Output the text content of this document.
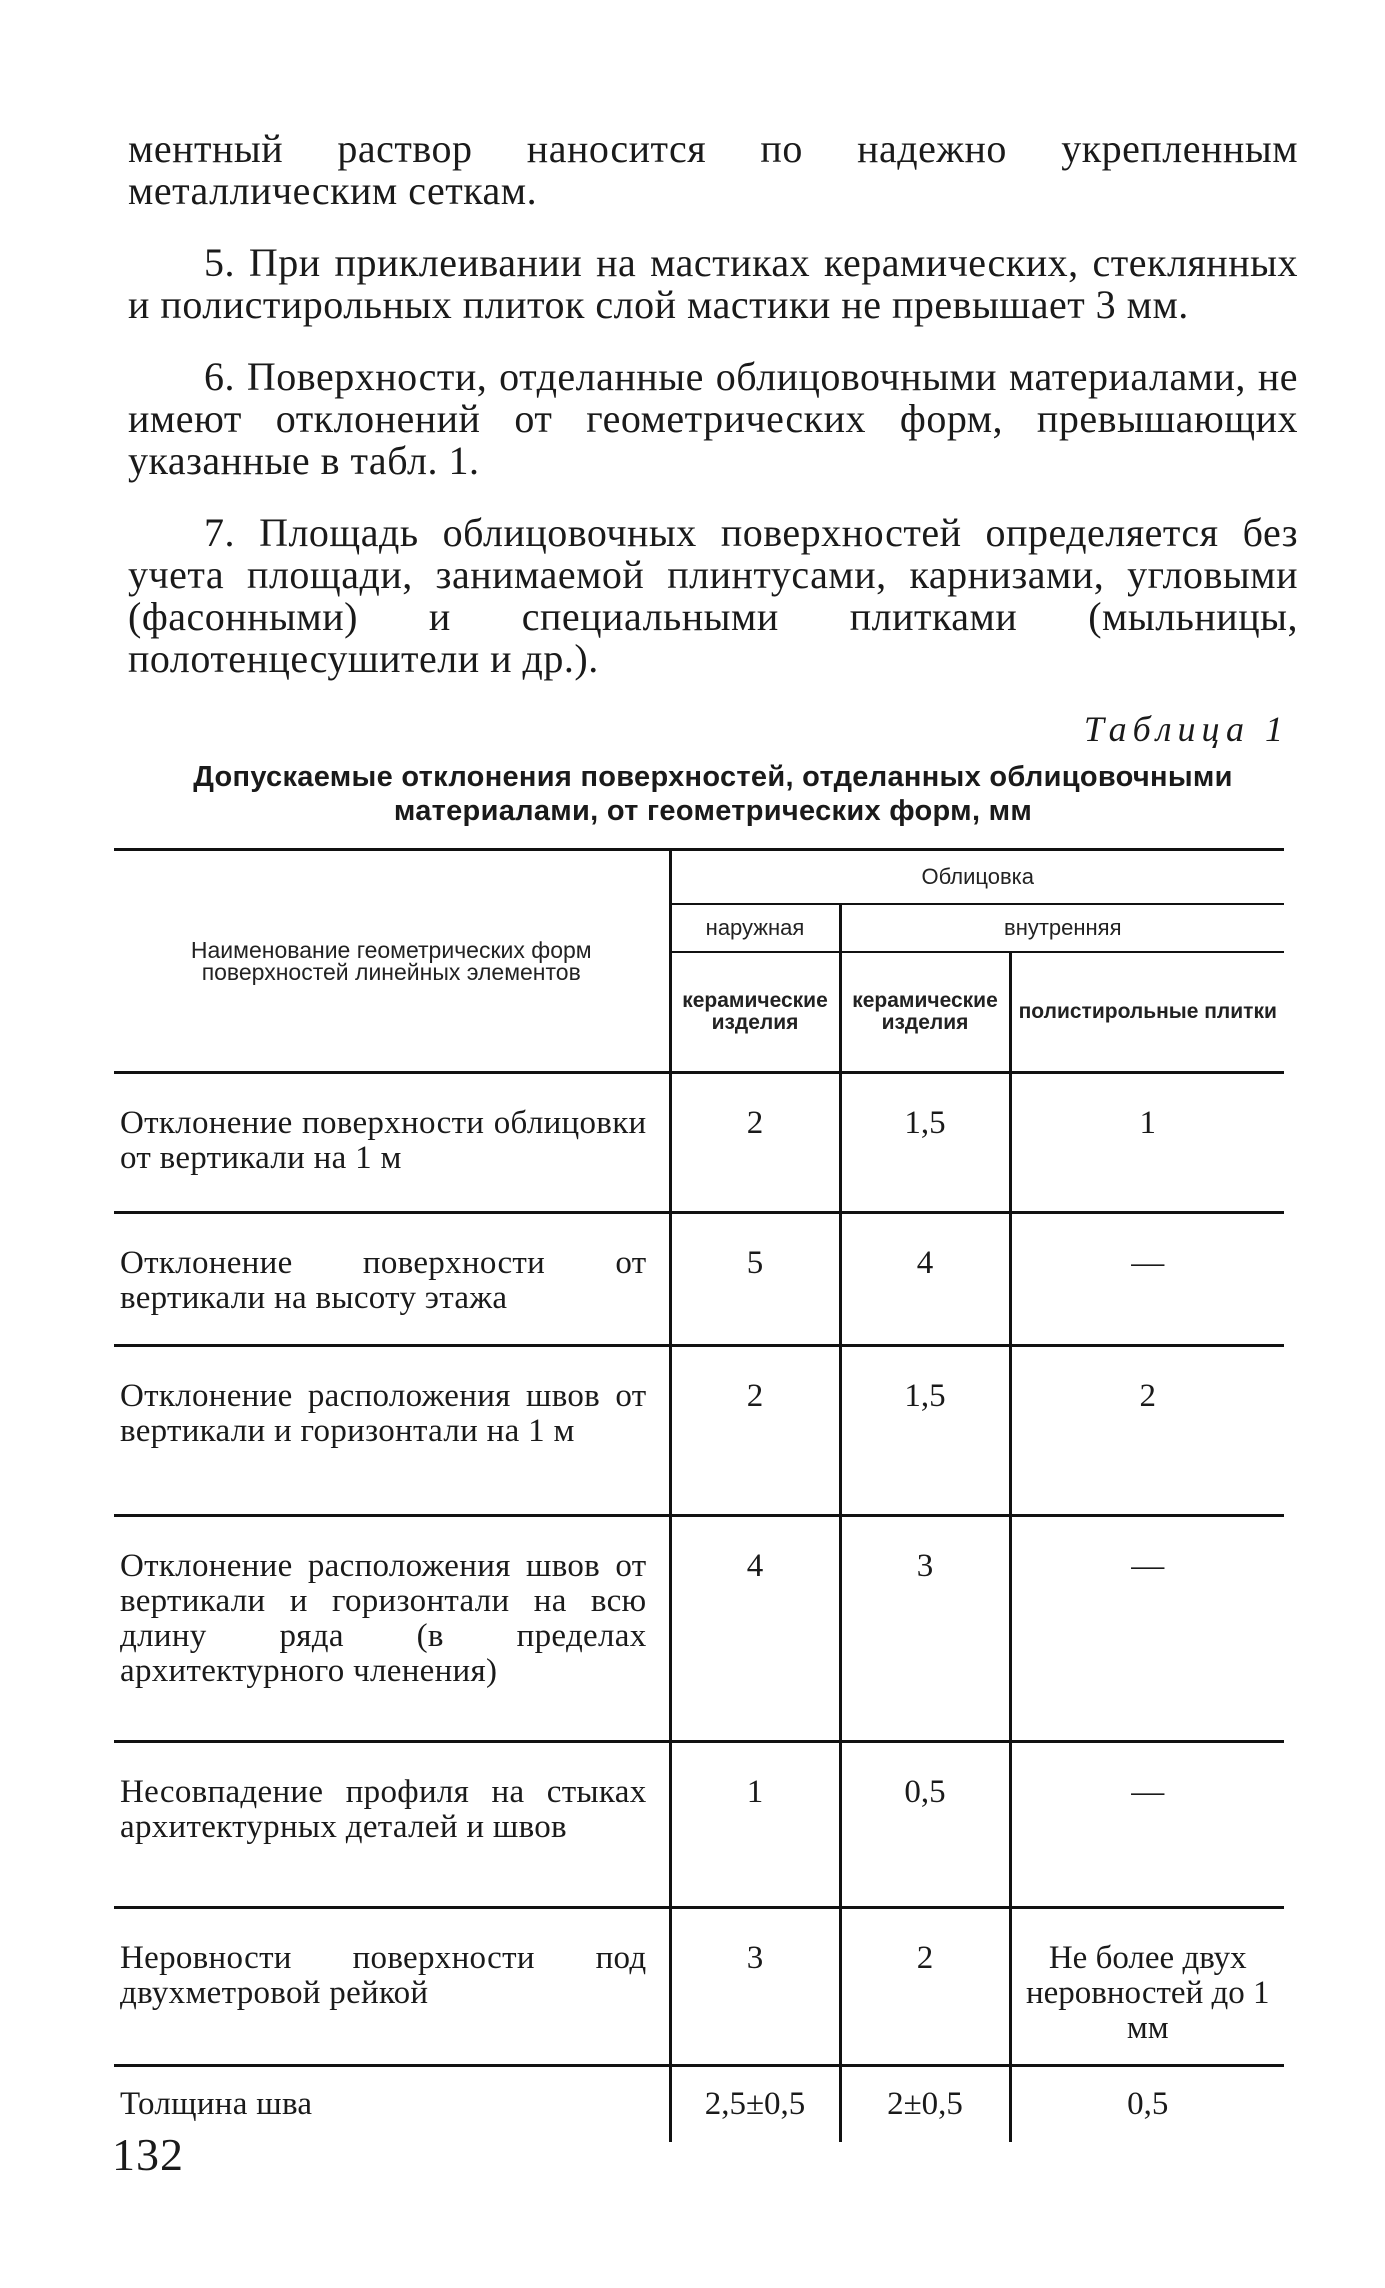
ментный раствор наносится по надежно укрепленным металлическим сеткам.

5. При приклеивании на мастиках керамических, стеклянных и полистирольных плиток слой мастики не превышает 3 мм.

6. Поверхности, отделанные облицовочными материалами, не имеют отклонений от геометрических форм, превышающих указанные в табл. 1.

7. Площадь облицовочных поверхностей определяется без учета площади, занимаемой плинтусами, карнизами, угловыми (фасонными) и специальными плитками (мыльницы, полотенцесушители и др.).

Таблица 1
Допускаемые отклонения поверхностей, отделанных облицовочными материалами, от геометрических форм, мм
Наименование геометрических форм поверхностей линейных элементов	Облицовка		
	наружная	внутренняя	
	керамические изделия	керамические изделия	полистирольные плитки
Отклонение поверхности облицовки от вертикали на 1 м	2	1,5	1
Отклонение поверхности от вертикали на высоту этажа	5	4	—
Отклонение расположения швов от вертикали и горизонтали на 1 м	2	1,5	2
Отклонение расположения швов от вертикали и горизонтали на всю длину ряда (в пределах архитектурного членения)	4	3	—
Несовпадение профиля на стыках архитектурных деталей и швов	1	0,5	—
Неровности поверхности под двухметровой рейкой	3	2	Не более двух неровностей до 1 мм
Толщина шва	2,5±0,5	2±0,5	0,5
132
